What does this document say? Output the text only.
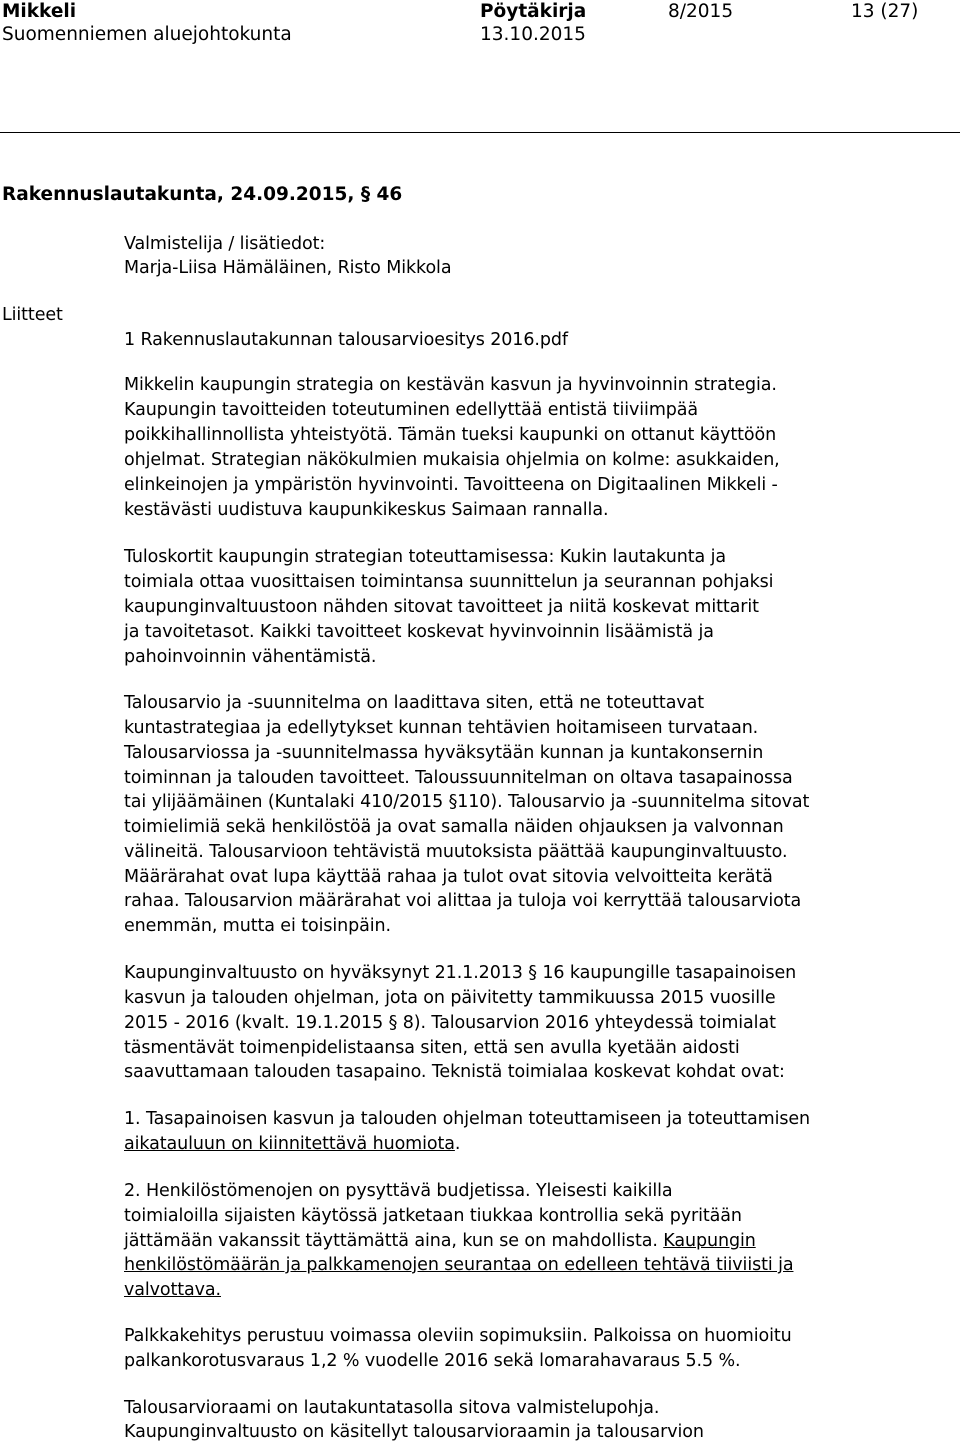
Mikkeli	Pöytäkirja	8/2015	13 (27)
Suomenniemen aluejohtokunta	13.10.2015
Rakennuslautakunta, 24.09.2015, § 46
Valmistelija / lisätiedot:
Marja-Liisa Hämäläinen, Risto Mikkola
Liitteet
1 Rakennuslautakunnan talousarvioesitys 2016.pdf
Mikkelin kaupungin strategia on kestävän kasvun ja hyvinvoinnin strategia.
Kaupungin tavoitteiden toteutuminen edellyttää entistä tiiviimpää
poikkihallinnollista yhteistyötä. Tämän tueksi kaupunki on ottanut käyttöön
ohjelmat. Strategian näkökulmien mukaisia ohjelmia on kolme: asukkaiden,
elinkeinojen ja ympäristön hyvinvointi. Tavoitteena on Digitaalinen Mikkeli -
kestävästi uudistuva kaupunkikeskus Saimaan rannalla.
Tuloskortit kaupungin strategian toteuttamisessa: Kukin lautakunta ja
toimiala ottaa vuosittaisen toimintansa suunnittelun ja seurannan pohjaksi
kaupunginvaltuustoon nähden sitovat tavoitteet ja niitä koskevat mittarit
ja tavoitetasot. Kaikki tavoitteet koskevat hyvinvoinnin lisäämistä ja
pahoinvoinnin vähentämistä.
Talousarvio ja -suunnitelma on laadittava siten, että ne toteuttavat
kuntastrategiaa ja edellytykset kunnan tehtävien hoitamiseen turvataan.
Talousarviossa ja -suunnitelmassa hyväksytään kunnan ja kuntakonsernin
toiminnan ja talouden tavoitteet. Taloussuunnitelman on oltava tasapainossa
tai ylijäämäinen (Kuntalaki 410/2015 §110). Talousarvio ja -suunnitelma sitovat
toimielimiä sekä henkilöstöä ja ovat samalla näiden ohjauksen ja valvonnan
välineitä. Talousarvioon tehtävistä muutoksista päättää kaupunginvaltuusto.
Määrärahat ovat lupa käyttää rahaa ja tulot ovat sitovia velvoitteita kerätä
rahaa. Talousarvion määrärahat voi alittaa ja tuloja voi kerryttää talousarviota
enemmän, mutta ei toisinpäin.
Kaupunginvaltuusto on hyväksynyt 21.1.2013 § 16 kaupungille tasapainoisen
kasvun ja talouden ohjelman, jota on päivitetty tammikuussa 2015 vuosille
2015 - 2016 (kvalt. 19.1.2015 § 8). Talousarvion 2016 yhteydessä toimialat
täsmentävät toimenpidelistaansa siten, että sen avulla kyetään aidosti
saavuttamaan talouden tasapaino. Teknistä toimialaa koskevat kohdat ovat:
1. Tasapainoisen kasvun ja talouden ohjelman toteuttamiseen ja toteuttamisen
aikatauluun on kiinnitettävä huomiota.
2. Henkilöstömenojen on pysyttävä budjetissa. Yleisesti kaikilla
toimialoilla sijaisten käytössä jatketaan tiukkaa kontrollia sekä pyritään
jättämään vakanssit täyttämättä aina, kun se on mahdollista. Kaupungin
henkilöstömäärän ja palkkamenojen seurantaa on edelleen tehtävä tiiviisti ja
valvottava.
Palkkakehitys perustuu voimassa oleviin sopimuksiin. Palkoissa on huomioitu
palkankorotusvaraus 1,2 % vuodelle 2016 sekä lomarahavaraus 5.5 %.
Talousarvioraami on lautakuntatasolla sitova valmistelupohja.
Kaupunginvaltuusto on käsitellyt talousarvioraamin ja talousarvion
